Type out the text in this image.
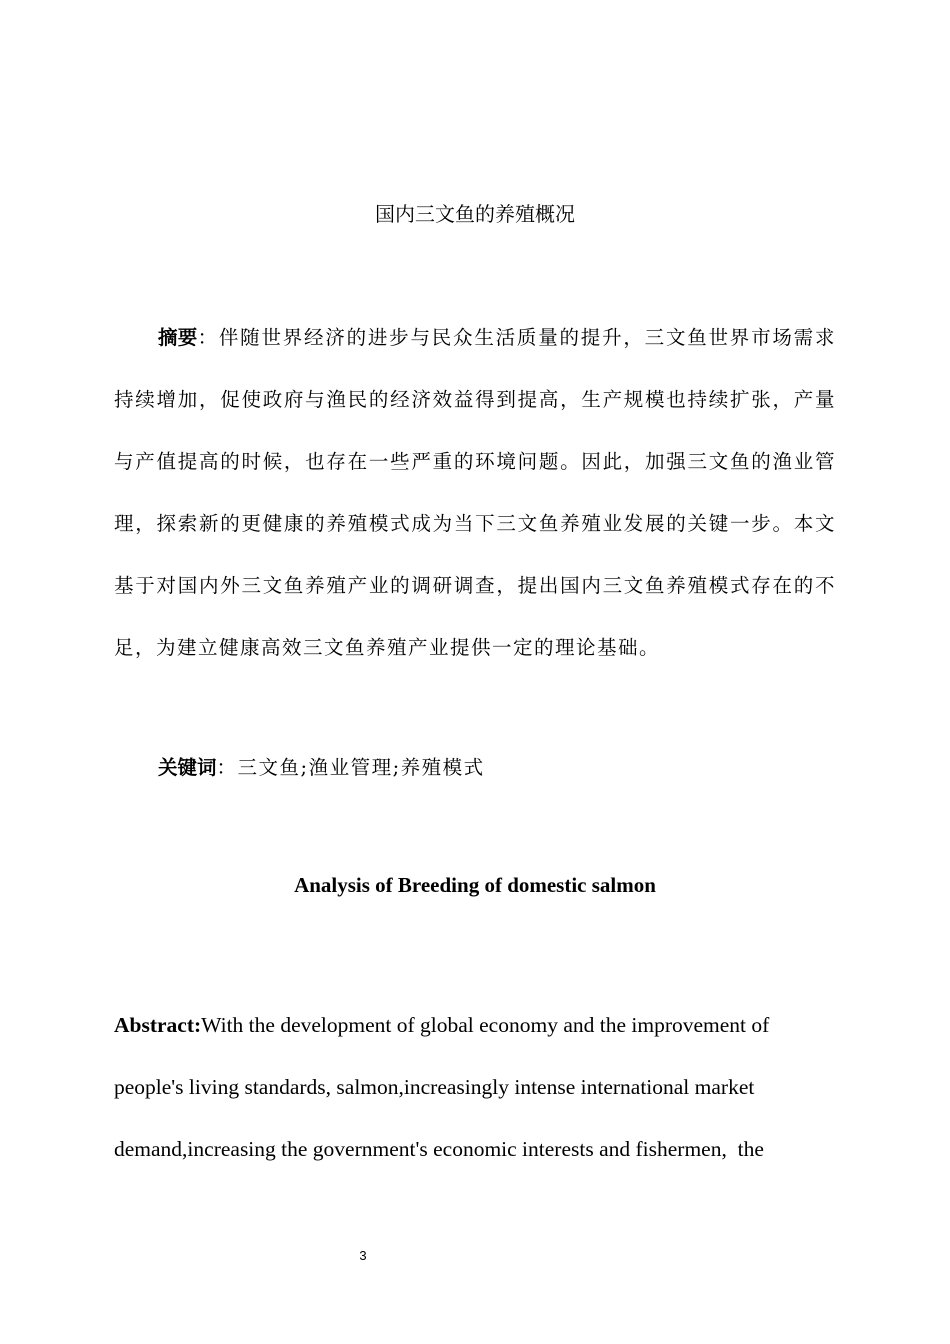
国内三文鱼的养殖概况

摘要：伴随世界经济的进步与民众生活质量的提升，三文鱼世界市场需求持续增加，促使政府与渔民的经济效益得到提高，生产规模也持续扩张，产量与产值提高的时候，也存在一些严重的环境问题。因此，加强三文鱼的渔业管理，探索新的更健康的养殖模式成为当下三文鱼养殖业发展的关键一步。本文基于对国内外三文鱼养殖产业的调研调查，提出国内三文鱼养殖模式存在的不足，为建立健康高效三文鱼养殖产业提供一定的理论基础。

关键词：三文鱼;渔业管理;养殖模式

Analysis of Breeding of domestic salmon
Abstract:With the development of global economy and the improvement of
people's living standards, salmon,increasingly intense international market
demand,increasing the government's economic interests and fishermen,  the
3
